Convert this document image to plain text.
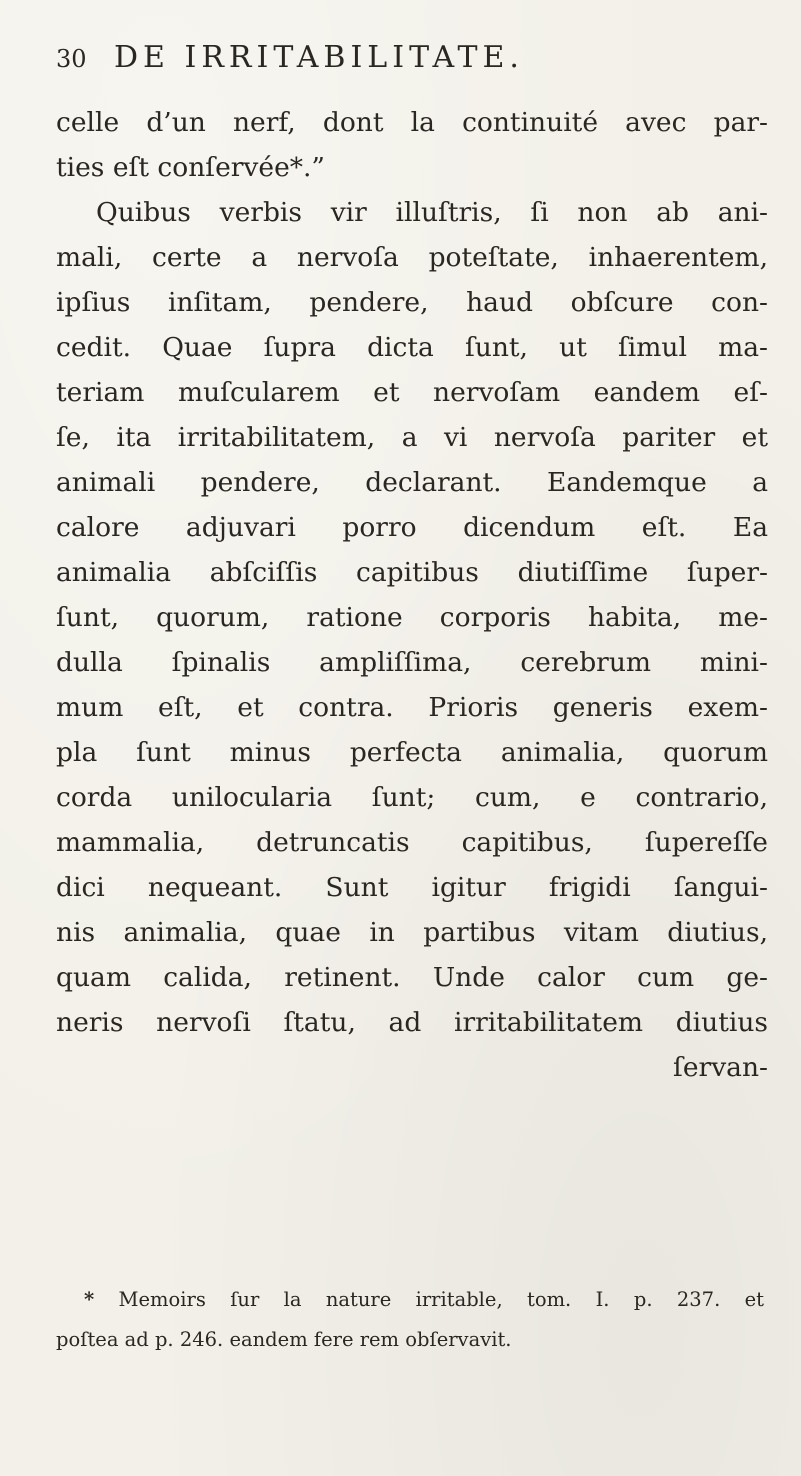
30 DE IRRITABILITATE.
celle d’un nerf, dont la continuité avec par-
ties eſt conſervée*.”
Quibus verbis vir illuſtris, ſi non ab ani-
mali, certe a nervoſa poteſtate, inhaerentem,
ipſius inſitam, pendere, haud obſcure con-
cedit. Quae ſupra dicta ſunt, ut ſimul ma-
teriam muſcularem et nervoſam eandem eſ-
ſe, ita irritabilitatem, a vi nervoſa pariter et
animali pendere, declarant. Eandemque a
calore adjuvari porro dicendum eſt. Ea
animalia abſciſſis capitibus diutiſſime ſuper-
ſunt, quorum, ratione corporis habita, me-
dulla ſpinalis ampliſſima, cerebrum mini-
mum eſt, et contra. Prioris generis exem-
pla ſunt minus perfecta animalia, quorum
corda unilocularia ſunt; cum, e contrario,
mammalia, detruncatis capitibus, ſupereſſe
dici nequeant. Sunt igitur frigidi ſangui-
nis animalia, quae in partibus vitam diutius,
quam calida, retinent. Unde calor cum ge-
neris nervoſi ſtatu, ad irritabilitatem diutius
ſervan-
* Memoirs ſur la nature irritable, tom. I. p. 237. et
poſtea ad p. 246. eandem fere rem obſervavit.
